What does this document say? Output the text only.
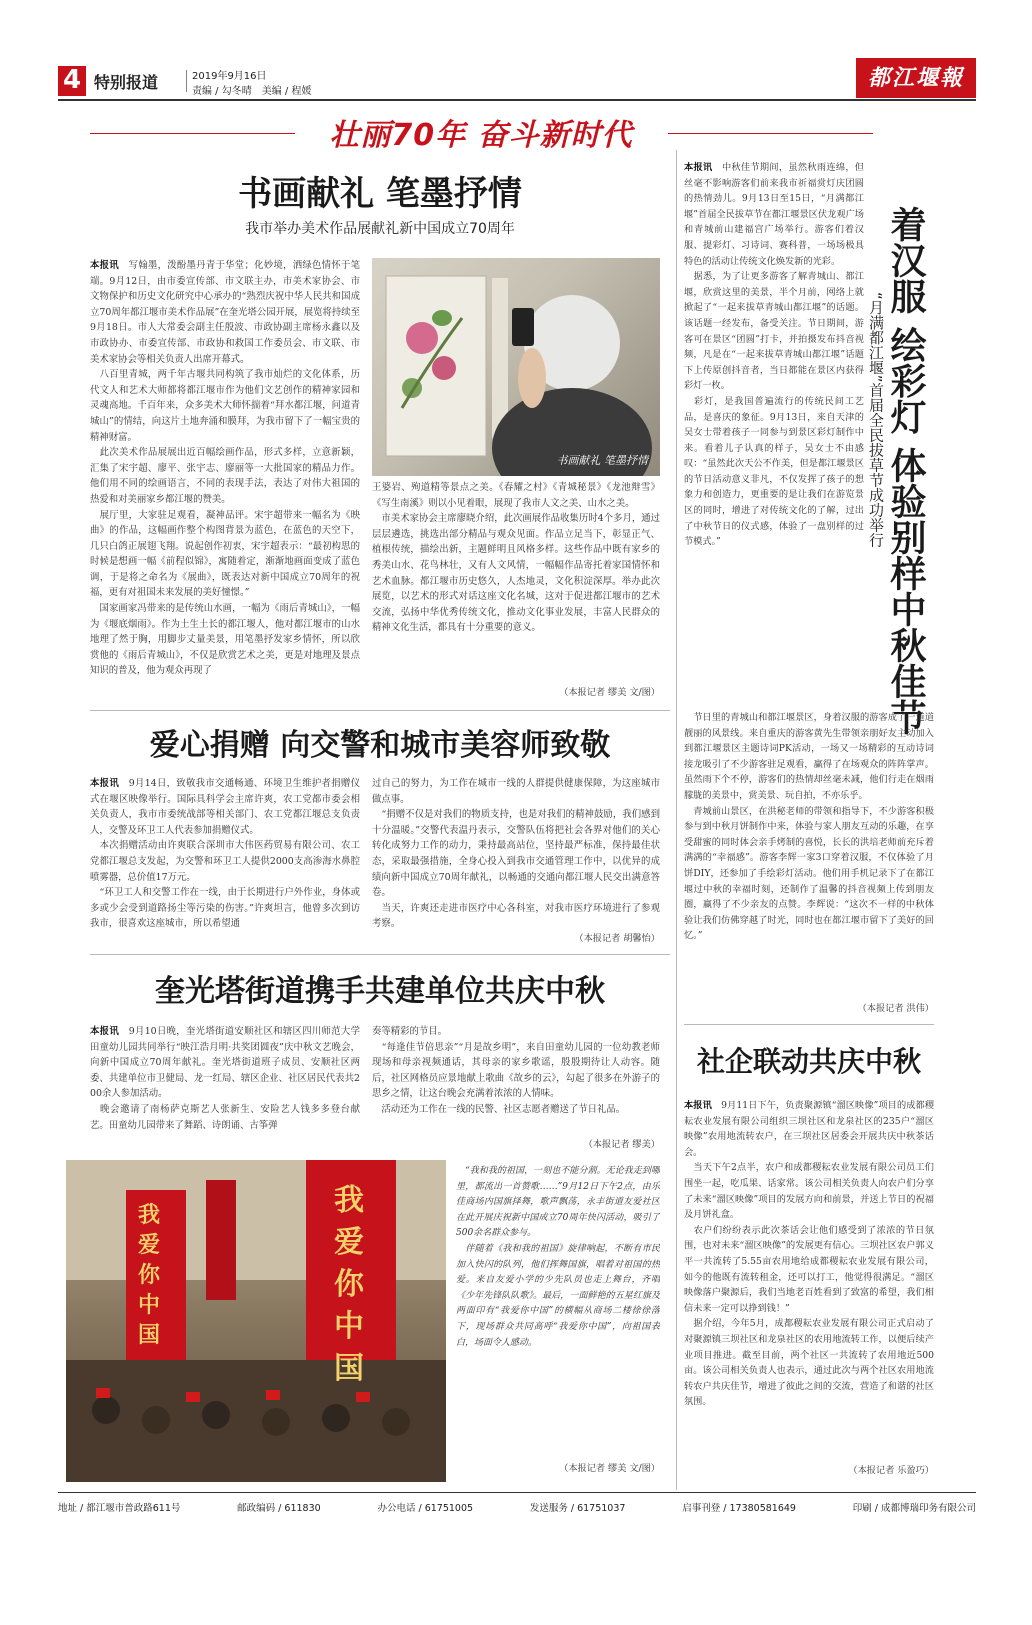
4 特别报道	2019年9月16日
责编 / 勾冬晴　美编 / 程媛
都江堰報
壮丽70年 奋斗新时代
书画献礼 笔墨抒情
我市举办美术作品展献礼新中国成立70周年
本报讯　写翰墨，泼酚墨丹青于华堂；化妙境，洒绿色情怀于笔端。9月12日，由市委宣传部、市文联主办，市美术家协会、市文物保护和历史文化研究中心承办的“熟烈庆祝中华人民共和国成立70周年都江堰市美术作品展”在奎光塔公园开展，展览将持续至9月18日。市人大常委会副主任殷波、市政协副主席杨永鑫以及市政协办、市委宣传部、市政协和救国工作委员会、市文联、市美术家协会等相关负责人出席开幕式。
　八百里青城，两千年古堰共同构筑了我市灿烂的文化体系，历代文人和艺术大师都将都江堰市作为他们文艺创作的精神家园和灵魂高地。千百年来，众多美术大师怀揣着“拜水都江堰，问道青城山”的情结，向这片土地奔涌和膜拜，为我市留下了一幅宝贵的精神财富。
　此次美术作品展展出近百幅绘画作品，形式多样，立意新颖，汇集了宋宇超、廖平、张宇志、廖丽等一大批国家的精品力作。他们用不同的绘画语言，不同的表现手法，表达了对伟大祖国的热爱和对美丽家乡都江堰的赞美。
　展厅里，大家驻足观看，凝神品评。宋宇超带来一幅名为《映曲》的作品，这幅画作整个构图背景为蓝色，在蓝色的天空下，几只白鸽正展翅飞翔。说起创作初衷，宋宇超表示：“最初构思的时候是想画一幅《前程似锦》，寓随着定，渐渐地画面变成了蓝色调，于是将之命名为《展曲》，既表达对新中国成立70周年的祝福，更有对祖国未来发展的美好憧憬。”
　国家画家冯带来的是传统山水画，一幅为《雨后青城山》，一幅为《堰底烟雨》。作为土生土长的都江堰人，他对都江堰市的山水地理了然于胸，用脚步丈量美景，用笔墨抒发家乡情怀，所以欣赏他的《雨后青城山》，不仅是欣赏艺术之美，更是对地理及景点知识的普及，他为观众再现了
书画献礼 笔墨抒情
王婆岩、殉道精等景点之美。《春耀之村》《青城秘景》《龙池辩雪》《写生南溪》则以小见着眼，展现了我市人文之美、山水之美。
　市美术家协会主席廖晓介绍，此次画展作品收集历时4个多月，通过层层遴选，挑选出部分精品与观众见面。作品立足当下，彰显正气、植根传统，描绘出新，主题鲜明且风格多样。这些作品中既有家乡的秀美山水、花鸟林壮，又有人文风情，一幅幅作品寄托着家国情怀和艺术血脉。都江堰市历史悠久，人杰地灵，文化积淀深厚。举办此次展览，以艺术的形式对话这座文化名城，这对于促进都江堰市的艺术交流，弘扬中华优秀传统文化，推动文化事业发展，丰富人民群众的精神文化生活，都具有十分重要的意义。
（本报记者 缪美 文/图）
爱心捐赠 向交警和城市美容师致敬
本报讯　9月14日，致敬我市交通畅通、环境卫生维护者捐赠仪式在堰区映像举行。国际具科学会主席许爽，农工党都市委会相关负责人，我市市委统战部等相关部门、农工党都江堰总支负责人，交警及环卫工人代表参加捐赠仪式。
　本次捐赠活动由许爽联合深圳市大伟医药贸易有限公司、农工党都江堰总支发起，为交警和环卫工人提供2000支高渗海水鼻腔喷雾器，总价值17万元。
　“环卫工人和交警工作在一线，由于长期进行户外作业，身体或多或少会受到道路扬尘等污染的伤害。”许爽坦言，他曾多次到访我市，很喜欢这座城市，所以希望通
过自己的努力，为工作在城市一线的人群提供健康保障，为这座城市做点事。
　“捐赠不仅是对我们的物质支持，也是对我们的精神鼓励，我们感到十分温暖。”交警代表温丹表示，交警队伍将把社会各界对他们的关心转化成努力工作的动力，秉持最高站位，坚持最严标准，保持最佳状态，采取最强措施，全身心投入到我市交通管理工作中，以优异的成绩向新中国成立70周年献礼，以畅通的交通向都江堰人民交出满意答卷。
　当天，许爽还走进市医疗中心各科室，对我市医疗环境进行了参观考察。
（本报记者 胡馨怡）
奎光塔街道携手共建单位共庆中秋
本报讯　9月10日晚，奎光塔街道安顺社区和辖区四川师范大学田童幼儿园共同举行“映江浩月明·共奖团圆夜”庆中秋文艺晚会，向新中国成立70周年献礼。奎光塔街道班子成员、安顺社区两委、共建单位市卫健局、龙一红局、辖区企业、社区居民代表共200余人参加活动。
　晚会邀请了南杨萨克斯艺人张新生、安险艺人钱多多登台献艺。田童幼儿园带来了舞蹈、诗朗诵、古筝弹
奏等精彩的节目。
　“每逢佳节倍思亲”“月是故乡明”，来自田童幼儿园的一位幼教老师现场和母亲视频通话，其母亲的家乡歌谣，殷殷期待让人动容。随后，社区网格员应景地献上歌曲《故乡的云》，勾起了很多在外游子的思乡之情，让这台晚会充满着浓浓的人情味。
　活动还为工作在一线的民警、社区志愿者赠送了节日礼品。
（本报记者 缪美）
我爱你中国
我爱你中国
　“我和我的祖国，一刻也不能分割。无论我走到哪里，都流出一首赞歌……”9月12日下午2点，由乐佳商场内国旗择舞，歌声飘荡，永丰街道友爱社区在此开展庆祝新中国成立70周年快闪活动，吸引了500余名群众参与。
　伴随着《我和我的祖国》旋律响起，不断有市民加入快闪的队列，他们挥舞国旗，唱着对祖国的热爱。来自友爱小学的少先队员也走上舞台，齐唱《少年先锋队队歌》。最后，一面鲜艳的五星红旗及两面印有“我爱你中国”的横幅从商场二楼徐徐落下，现场群众共同高呼“我爱你中国”，向祖国表白，场面令人感动。
（本报记者 缪美 文/图）
本报讯　中秋佳节期间，虽然秋雨连绵，但丝毫不影响游客们前来我市祈福赏灯庆团圆的热情劲儿。9月13日至15日，“月满都江堰”首届全民拔草节在都江堰景区伏龙观广场和青城前山建福宫广场举行。游客们着汉服、提彩灯、习诗词、赛科普，一场场极具特色的活动让传统文化焕发新的光彩。
　据悉，为了让更多游客了解青城山、都江堰，欣赏这里的美景，半个月前，网络上就掀起了“一起来拔草青城山都江堰”的话题。该话题一经发布，备受关注。节日期间，游客可在景区“团圆”打卡，并拍摄发布抖音视频，凡是在“一起来拔草青城山都江堰”话题下上传原创抖音者，当日都能在景区内获得彩灯一枚。
　彩灯，是我国普遍流行的传统民间工艺品，是喜庆的象征。9月13日，来自天津的吴女士带着孩子一同参与到景区彩灯制作中来。看着儿子认真的样子，吴女士不由感叹：“虽然此次天公不作美，但是都江堰景区的节日活动意义非凡，不仅发挥了孩子的想象力和创造力，更重要的是让我们在游览景区的同时，增进了对传统文化的了解，过出了中秋节日的仪式感，体验了一盘别样的过节模式。”	着汉服 绘彩灯 体验别样中秋佳节
“月满都江堰”首届全民拔草节成功举行
　节日里的青城山和都江堰景区，身着汉服的游客成了一道道靓丽的风景线。来自重庆的游客黄先生带领亲朋好友主动加入到都江堰景区主题诗词PK活动，一场又一场精彩的互动诗词接龙吸引了不少游客驻足观看，赢得了在场观众的阵阵掌声。虽然雨下个不停，游客们的热情却丝毫未减，他们行走在烟雨朦胧的美景中，赏美景、玩自拍，不亦乐乎。
　青城前山景区，在洪秘老师的带领和指导下，不少游客积极参与到中秋月饼制作中来，体验与家人朋友互动的乐趣，在享受甜蜜的同时体会亲手烤制的喜悦，长长的洪培老师前充斥着满满的“幸福感”。游客李辉一家3口穿着汉服，不仅体验了月饼DIY，还参加了手绘彩灯活动。他们用手机记录下了在都江堰过中秋的幸福时刻，还制作了温馨的抖音视频上传到朋友圈，赢得了不少亲友的点赞。李辉说：“这次不一样的中秋体验让我们仿佛穿越了时光，同时也在都江堰市留下了美好的回忆。”
（本报记者 洪伟）
社企联动共庆中秋
本报讯　9月11日下午，负责聚源镇“溜区映像”项目的成都稷耘农业发展有限公司组织三坝社区和龙泉社区的235户“溜区映像”农用地流转农户，在三坝社区居委会开展共庆中秋茶话会。
　当天下午2点半，农户和成都稷耘农业发展有限公司员工们围坐一起，吃瓜果、话家常。该公司相关负责人向农户们分享了未来“溜区映像”项目的发展方向和前景，并送上节日的祝福及月饼礼盒。
　农户们纷纷表示此次茶话会让他们感受到了浓浓的节日氛围，也对未来“溜区映像”的发展更有信心。三坝社区农户郭义平一共流转了5.55亩农用地给成都稷耘农业发展有限公司，如今的他既有流转租金，还可以打工，他觉得很满足。“溜区映像落户聚源后，我们当地老百姓看到了致富的希望，我们相信未来一定可以挣到钱！”
　据介绍，今年5月，成都稷耘农业发展有限公司正式启动了对聚源镇三坝社区和龙泉社区的农用地流转工作，以便后续产业项目推进。截至目前，两个社区一共流转了农用地近500亩。该公司相关负责人也表示，通过此次与两个社区农用地流转农户共庆佳节，增进了彼此之间的交流，营造了和谐的社区氛围。
（本报记者 乐盈巧）
地址 / 都江堰市普政路611号	邮政编码 / 611830	办公电话 / 61751005	发送服务 / 61751037	启事刊登 / 17380581649	印刷 / 成都博瑞印务有限公司
